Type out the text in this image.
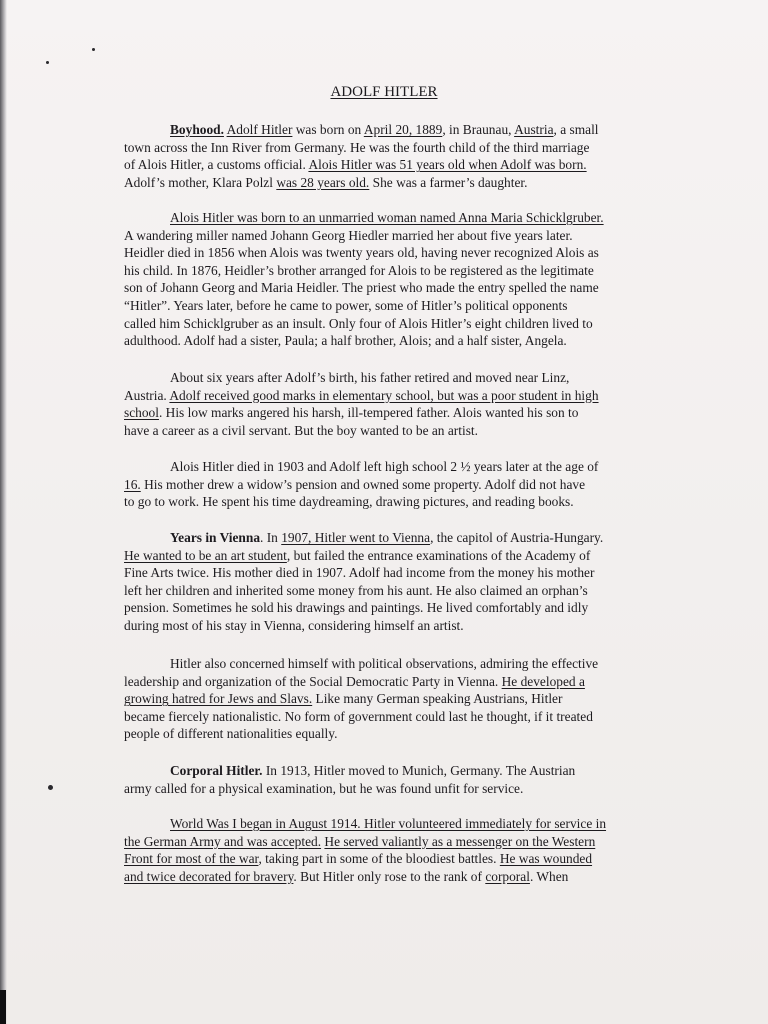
ADOLF HITLER
Boyhood. Adolf Hitler was born on April 20, 1889, in Braunau, Austria, a small
town across the Inn River from Germany. He was the fourth child of the third marriage
of Alois Hitler, a customs official. Alois Hitler was 51 years old when Adolf was born.
Adolf’s mother, Klara Polzl was 28 years old. She was a farmer’s daughter.
Alois Hitler was born to an unmarried woman named Anna Maria Schicklgruber.
A wandering miller named Johann Georg Hiedler married her about five years later.
Heidler died in 1856 when Alois was twenty years old, having never recognized Alois as
his child. In 1876, Heidler’s brother arranged for Alois to be registered as the legitimate
son of Johann Georg and Maria Heidler. The priest who made the entry spelled the name
“Hitler”. Years later, before he came to power, some of Hitler’s political opponents
called him Schicklgruber as an insult. Only four of Alois Hitler’s eight children lived to
adulthood. Adolf had a sister, Paula; a half brother, Alois; and a half sister, Angela.
About six years after Adolf’s birth, his father retired and moved near Linz,
Austria. Adolf received good marks in elementary school, but was a poor student in high
school. His low marks angered his harsh, ill-tempered father. Alois wanted his son to
have a career as a civil servant. But the boy wanted to be an artist.
Alois Hitler died in 1903 and Adolf left high school 2 ½ years later at the age of
16. His mother drew a widow’s pension and owned some property. Adolf did not have
to go to work. He spent his time daydreaming, drawing pictures, and reading books.
Years in Vienna. In 1907, Hitler went to Vienna, the capitol of Austria-Hungary.
He wanted to be an art student, but failed the entrance examinations of the Academy of
Fine Arts twice. His mother died in 1907. Adolf had income from the money his mother
left her children and inherited some money from his aunt. He also claimed an orphan’s
pension. Sometimes he sold his drawings and paintings. He lived comfortably and idly
during most of his stay in Vienna, considering himself an artist.
Hitler also concerned himself with political observations, admiring the effective
leadership and organization of the Social Democratic Party in Vienna. He developed a
growing hatred for Jews and Slavs. Like many German speaking Austrians, Hitler
became fiercely nationalistic. No form of government could last he thought, if it treated
people of different nationalities equally.
Corporal Hitler. In 1913, Hitler moved to Munich, Germany. The Austrian
army called for a physical examination, but he was found unfit for service.
World Was I began in August 1914. Hitler volunteered immediately for service in
the German Army and was accepted. He served valiantly as a messenger on the Western
Front for most of the war, taking part in some of the bloodiest battles. He was wounded
and twice decorated for bravery. But Hitler only rose to the rank of corporal. When
